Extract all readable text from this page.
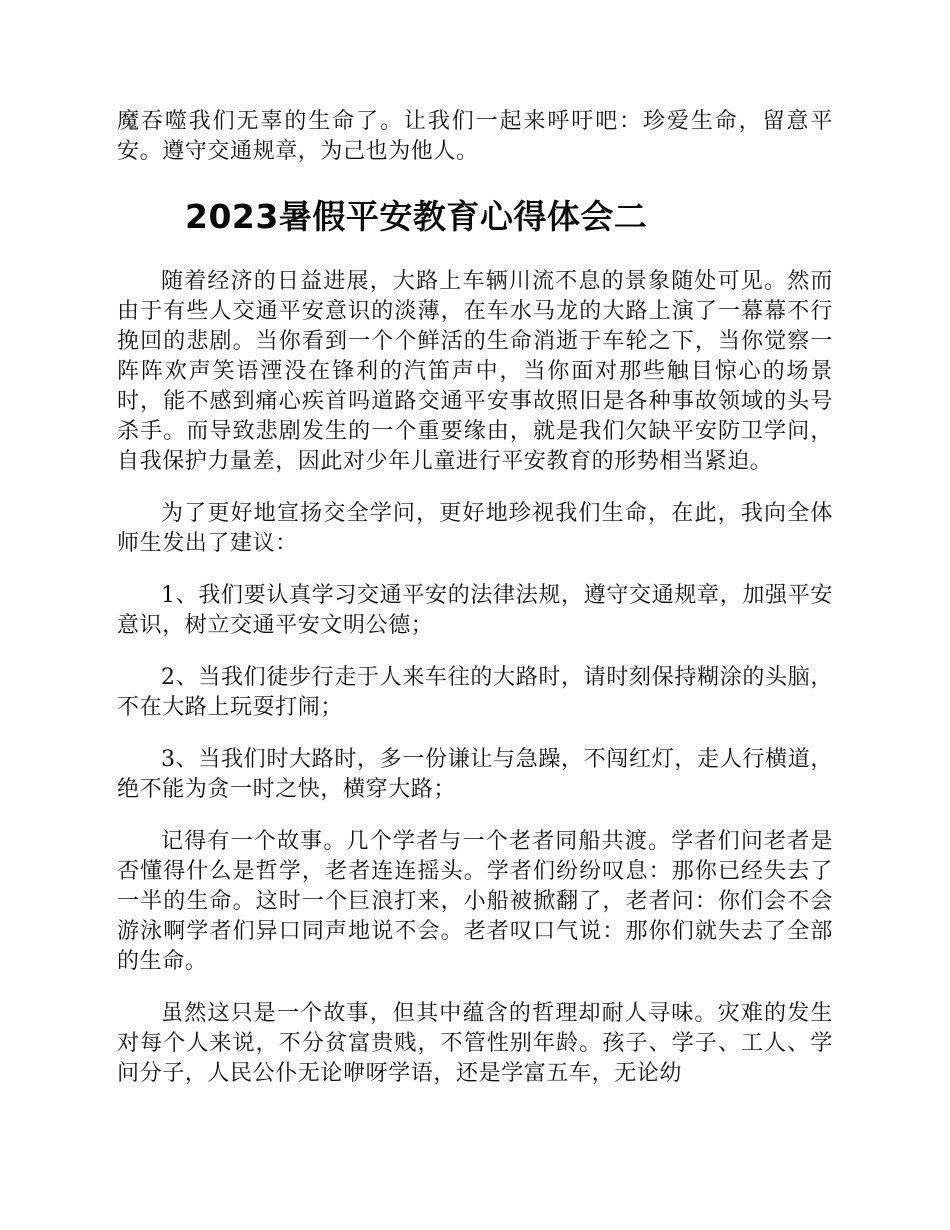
魔吞噬我们无辜的生命了。让我们一起来呼吁吧：珍爱生命，留意平安。遵守交通规章，为己也为他人。

2023暑假平安教育心得体会二

随着经济的日益进展，大路上车辆川流不息的景象随处可见。然而由于有些人交通平安意识的淡薄，在车水马龙的大路上演了一幕幕不行挽回的悲剧。当你看到一个个鲜活的生命消逝于车轮之下，当你觉察一阵阵欢声笑语湮没在锋利的汽笛声中，当你面对那些触目惊心的场景时，能不感到痛心疾首吗道路交通平安事故照旧是各种事故领域的头号杀手。而导致悲剧发生的一个重要缘由，就是我们欠缺平安防卫学问，自我保护力量差，因此对少年儿童进行平安教育的形势相当紧迫。

为了更好地宣扬交全学问，更好地珍视我们生命，在此，我向全体师生发出了建议：

1、我们要认真学习交通平安的法律法规，遵守交通规章，加强平安意识，树立交通平安文明公德；

2、当我们徒步行走于人来车往的大路时，请时刻保持糊涂的头脑，不在大路上玩耍打闹；

3、当我们时大路时，多一份谦让与急躁，不闯红灯，走人行横道，绝不能为贪一时之快，横穿大路；

记得有一个故事。几个学者与一个老者同船共渡。学者们问老者是否懂得什么是哲学，老者连连摇头。学者们纷纷叹息：那你已经失去了一半的生命。这时一个巨浪打来，小船被掀翻了，老者问：你们会不会游泳啊学者们异口同声地说不会。老者叹口气说：那你们就失去了全部的生命。

虽然这只是一个故事，但其中蕴含的哲理却耐人寻味。灾难的发生对每个人来说，不分贫富贵贱，不管性别年龄。孩子、学子、工人、学问分子，人民公仆无论咿呀学语，还是学富五车，无论幼
